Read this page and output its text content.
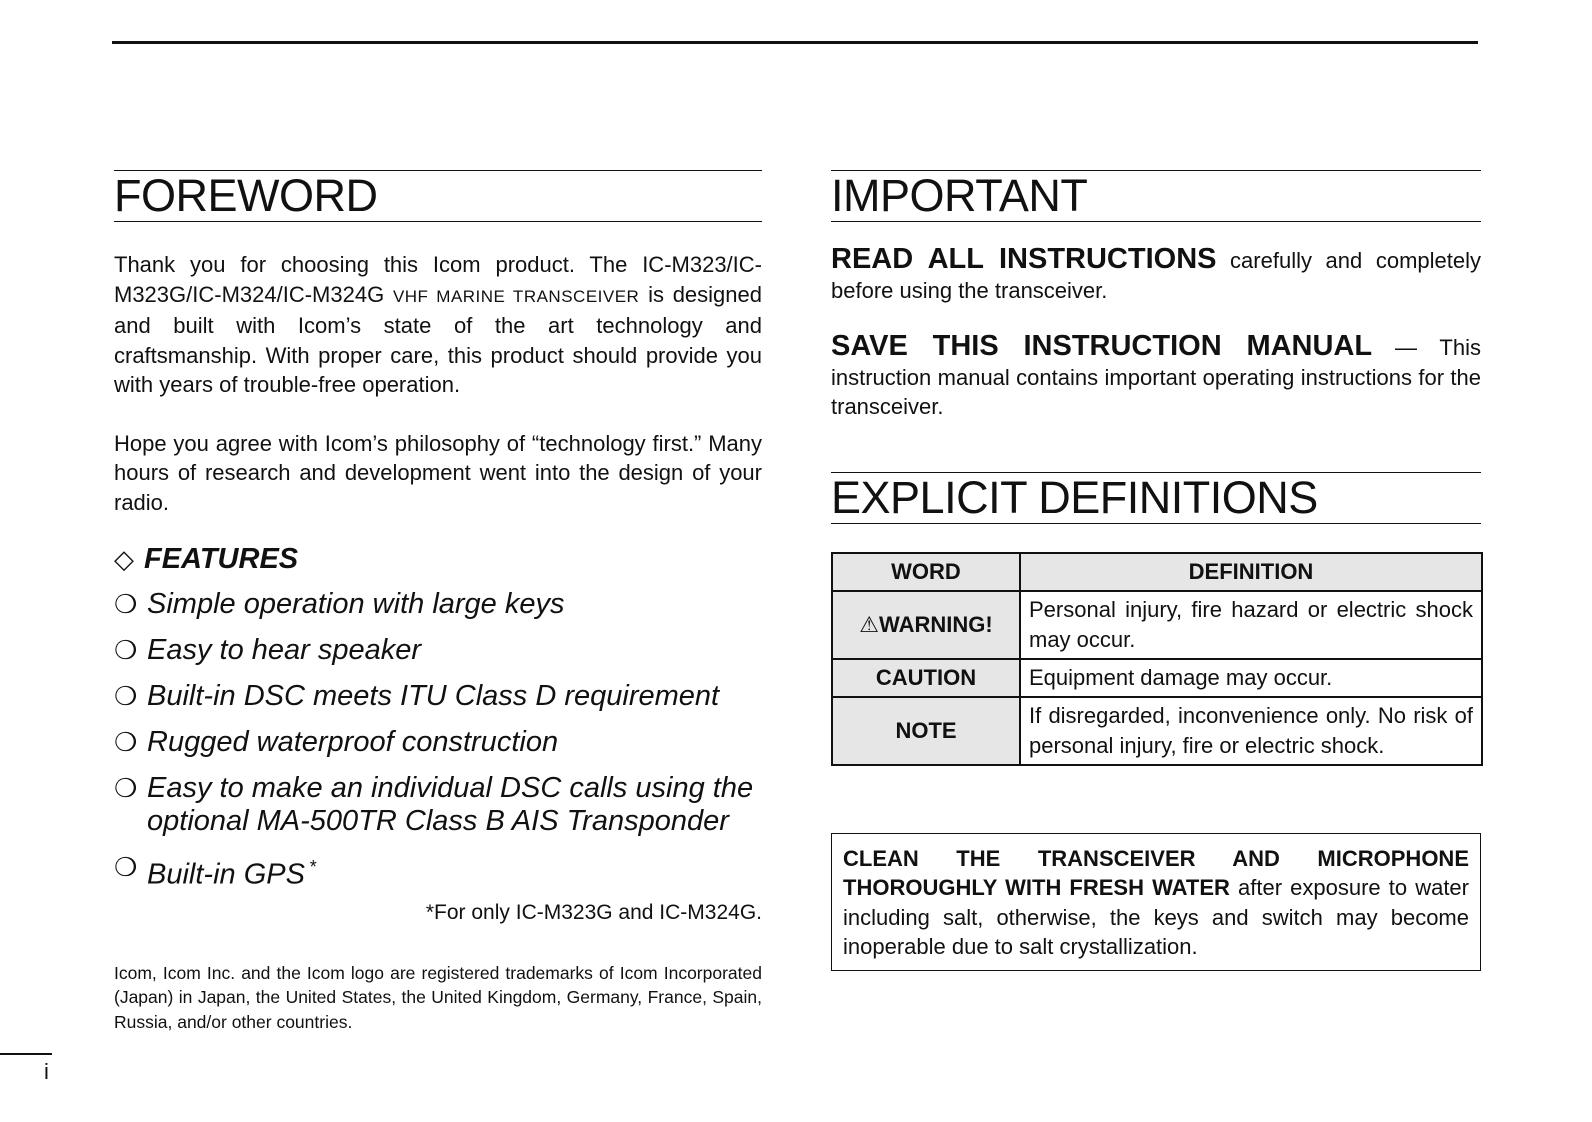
FOREWORD

Thank you for choosing this Icom product. The IC-M323/IC-M323G/IC-M324/IC-M324G VHF MARINE TRANSCEIVER is designed and built with Icom’s state of the art technology and craftsmanship. With proper care, this product should provide you with years of trouble-free operation.

Hope you agree with Icom’s philosophy of “technology first.” Many hours of research and development went into the design of your radio.

◇ FEATURES
❍ Simple operation with large keys
❍ Easy to hear speaker
❍ Built-in DSC meets ITU Class D requirement
❍ Rugged waterproof construction
❍ Easy to make an individual DSC calls using the optional MA-500TR Class B AIS Transponder
❍ Built-in GPS *

*For only IC-M323G and IC-M324G.

Icom, Icom Inc. and the Icom logo are registered trademarks of Icom Incorporated (Japan) in Japan, the United States, the United Kingdom, Germany, France, Spain, Russia, and/or other countries.

IMPORTANT

READ ALL INSTRUCTIONS carefully and completely before using the transceiver.

SAVE THIS INSTRUCTION MANUAL — This instruction manual contains important operating instructions for the transceiver.

EXPLICIT DEFINITIONS
WORD	DEFINITION
⚠WARNING!	Personal injury, fire hazard or electric shock may occur.
CAUTION	Equipment damage may occur.
NOTE	If disregarded, inconvenience only. No risk of personal injury, fire or electric shock.
CLEAN THE TRANSCEIVER AND MICROPHONE THOROUGHLY WITH FRESH WATER after exposure to water including salt, otherwise, the keys and switch may become inoperable due to salt crystallization.
i
